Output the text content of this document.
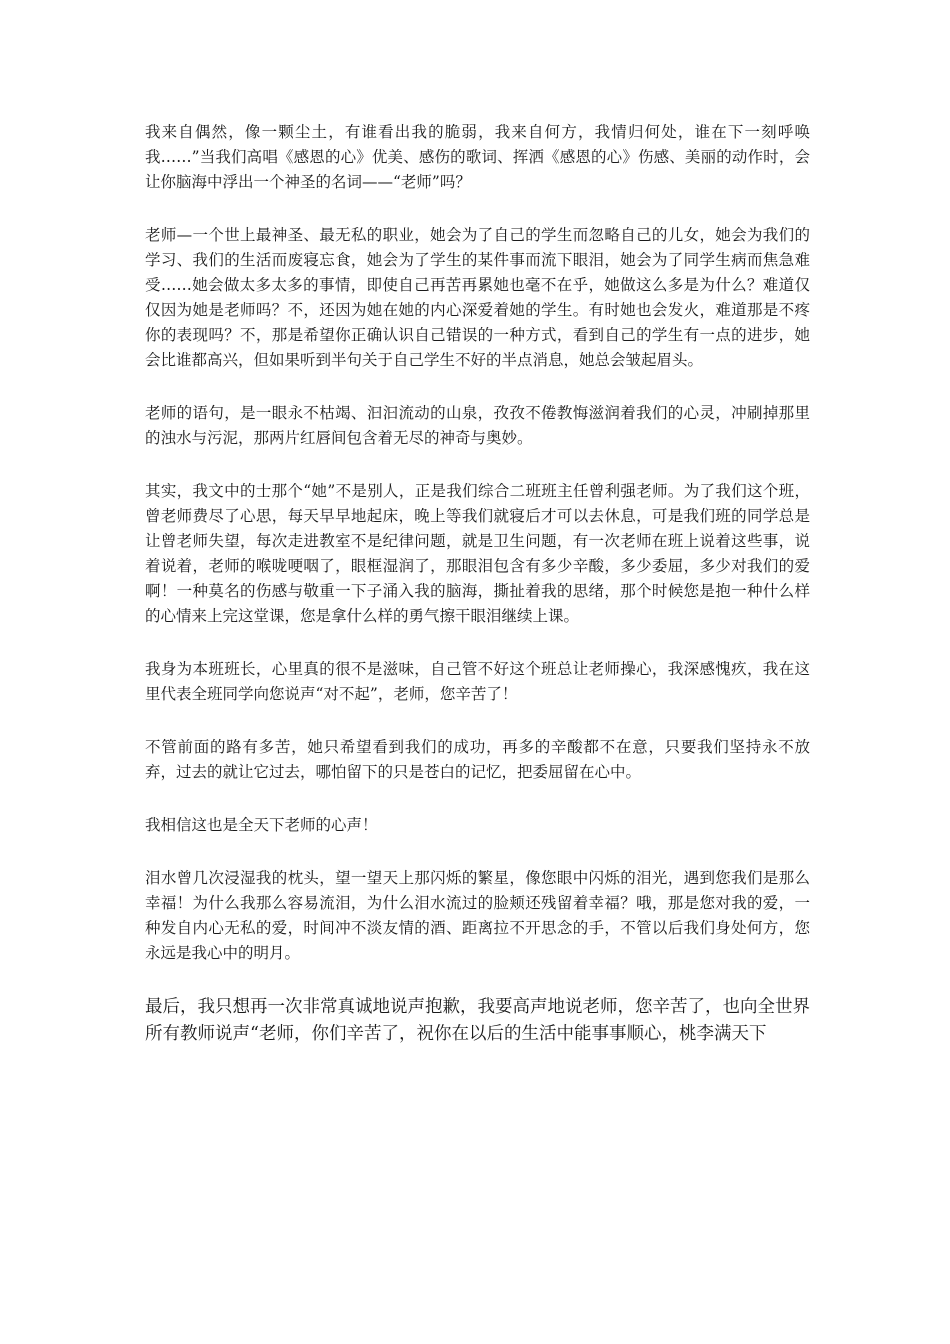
我来自偶然，像一颗尘土，有谁看出我的脆弱，我来自何方，我情归何处，谁在下一刻呼唤我……”当我们高唱《感恩的心》优美、感伤的歌词、挥洒《感恩的心》伤感、美丽的动作时，会让你脑海中浮出一个神圣的名词——“老师”吗？

老师—一个世上最神圣、最无私的职业，她会为了自己的学生而忽略自己的儿女，她会为我们的学习、我们的生活而废寝忘食，她会为了学生的某件事而流下眼泪，她会为了同学生病而焦急难受……她会做太多太多的事情，即使自己再苦再累她也毫不在乎，她做这么多是为什么？难道仅仅因为她是老师吗？不，还因为她在她的内心深爱着她的学生。有时她也会发火，难道那是不疼你的表现吗？不，那是希望你正确认识自己错误的一种方式，看到自己的学生有一点的进步，她会比谁都高兴，但如果听到半句关于自己学生不好的半点消息，她总会皱起眉头。

老师的语句，是一眼永不枯竭、汩汩流动的山泉，孜孜不倦教悔滋润着我们的心灵，冲刷掉那里的浊水与污泥，那两片红唇间包含着无尽的神奇与奥妙。

其实，我文中的士那个“她”不是别人，正是我们综合二班班主任曾利强老师。为了我们这个班，曾老师费尽了心思，每天早早地起床，晚上等我们就寝后才可以去休息，可是我们班的同学总是让曾老师失望，每次走进教室不是纪律问题，就是卫生问题，有一次老师在班上说着这些事，说着说着，老师的喉咙哽咽了，眼框湿润了，那眼泪包含有多少辛酸，多少委屈，多少对我们的爱啊！一种莫名的伤感与敬重一下子涌入我的脑海，撕扯着我的思绪，那个时候您是抱一种什么样的心情来上完这堂课，您是拿什么样的勇气擦干眼泪继续上课。

我身为本班班长，心里真的很不是滋味，自己管不好这个班总让老师操心，我深感愧疚，我在这里代表全班同学向您说声“对不起”，老师，您辛苦了！

不管前面的路有多苦，她只希望看到我们的成功，再多的辛酸都不在意，只要我们坚持永不放弃，过去的就让它过去，哪怕留下的只是苍白的记忆，把委屈留在心中。

我相信这也是全天下老师的心声！

泪水曾几次浸湿我的枕头，望一望天上那闪烁的繁星，像您眼中闪烁的泪光，遇到您我们是那么幸福！为什么我那么容易流泪，为什么泪水流过的脸颊还残留着幸福？哦，那是您对我的爱，一种发自内心无私的爱，时间冲不淡友情的酒、距离拉不开思念的手，不管以后我们身处何方，您永远是我心中的明月。

最后，我只想再一次非常真诚地说声抱歉，我要高声地说老师，您辛苦了，也向全世界所有教师说声“老师，你们辛苦了，祝你在以后的生活中能事事顺心，桃李满天下
